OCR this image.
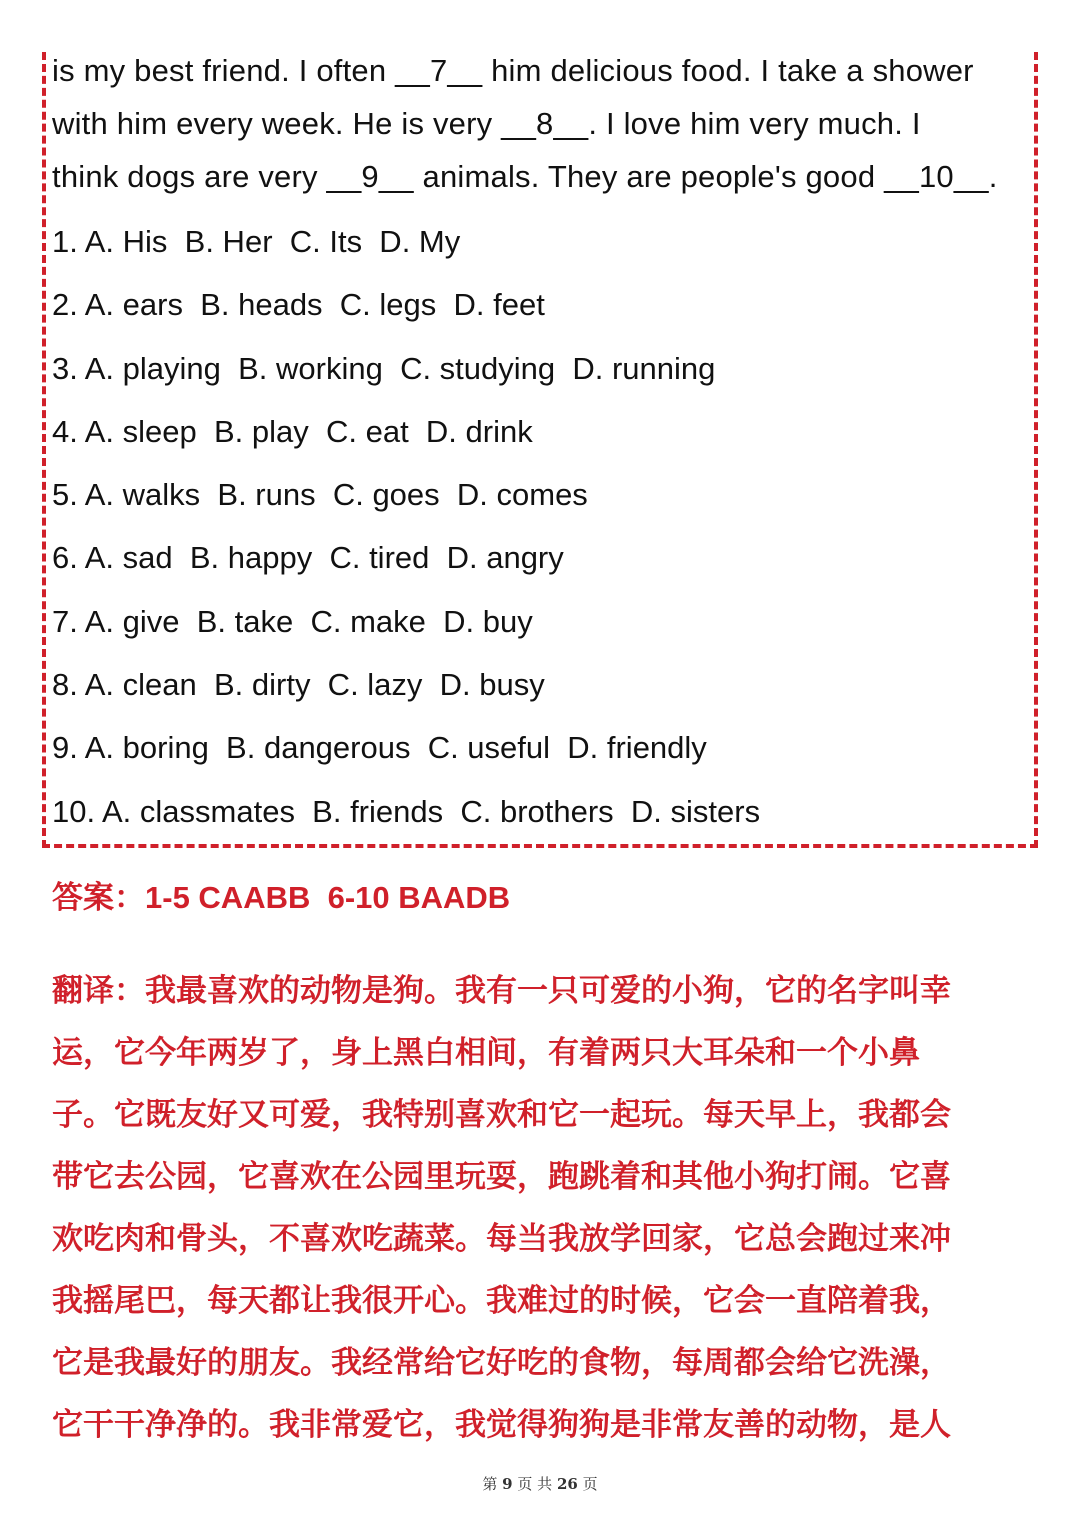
is my best friend. I often __7__ him delicious food. I take a shower
with him every week. He is very __8__. I love him very much. I
think dogs are very __9__ animals. They are people's good __10__.
1. A. His  B. Her  C. Its  D. My
2. A. ears  B. heads  C. legs  D. feet
3. A. playing  B. working  C. studying  D. running
4. A. sleep  B. play  C. eat  D. drink
5. A. walks  B. runs  C. goes  D. comes
6. A. sad  B. happy  C. tired  D. angry
7. A. give  B. take  C. make  D. buy
8. A. clean  B. dirty  C. lazy  D. busy
9. A. boring  B. dangerous  C. useful  D. friendly
10. A. classmates  B. friends  C. brothers  D. sisters

答案：1-5 CAABB  6-10 BAADB

翻译：我最喜欢的动物是狗。我有一只可爱的小狗，它的名字叫幸
运，它今年两岁了，身上黑白相间，有着两只大耳朵和一个小鼻
子。它既友好又可爱，我特别喜欢和它一起玩。每天早上，我都会
带它去公园，它喜欢在公园里玩耍，跑跳着和其他小狗打闹。它喜
欢吃肉和骨头，不喜欢吃蔬菜。每当我放学回家，它总会跑过来冲
我摇尾巴，每天都让我很开心。我难过的时候，它会一直陪着我，
它是我最好的朋友。我经常给它好吃的食物，每周都会给它洗澡，
它干干净净的。我非常爱它，我觉得狗狗是非常友善的动物，是人
第 9 页 共 26 页
